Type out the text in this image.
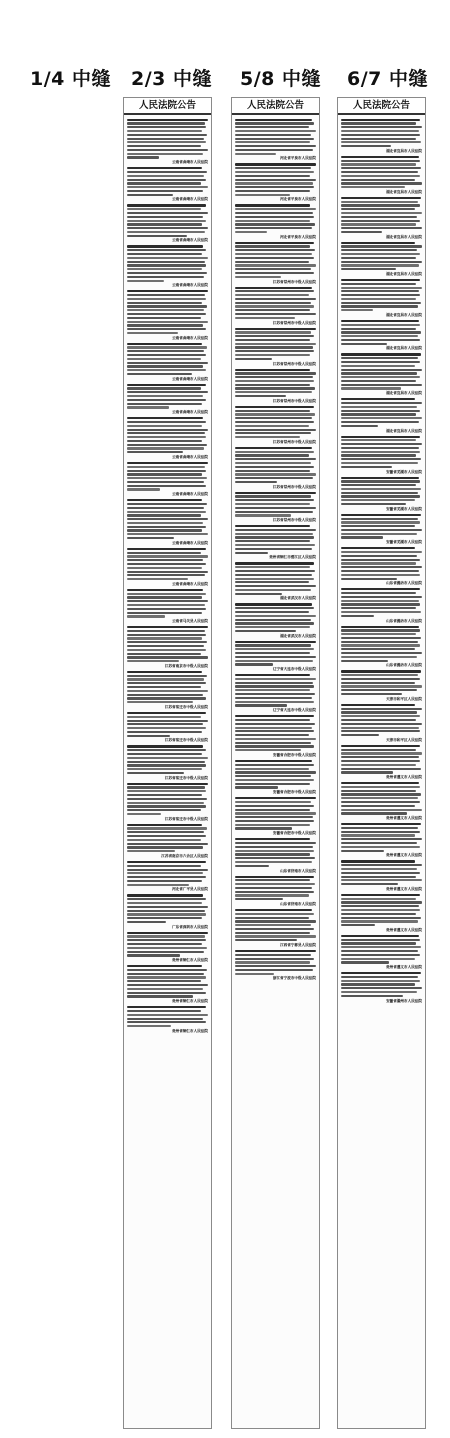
1/4 中缝 2/3 中缝 5/8 中缝 6/7 中缝
人民法院公告
云南省曲靖市人民法院
云南省曲靖市人民法院
云南省曲靖市人民法院
云南省曲靖市人民法院
云南省曲靖市人民法院
云南省曲靖市人民法院
云南省曲靖市人民法院
云南省曲靖市人民法院
云南省曲靖市人民法院
云南省曲靖市人民法院
云南省曲靖市人民法院
云南省马关县人民法院
江苏省南京市中级人民法院
江苏省宿迁市中级人民法院
江苏省宿迁市中级人民法院
江苏省宿迁市中级人民法院
江苏省宿迁市中级人民法院
江苏省南京市六合区人民法院
河北省广平县人民法院
广东省深圳市人民法院
贵州省铜仁市人民法院
贵州省铜仁市人民法院
贵州省铜仁市人民法院
人民法院公告
河北省平泉市人民法院
河北省平泉市人民法院
河北省平泉市人民法院
江苏省常州市中级人民法院
江苏省常州市中级人民法院
江苏省常州市中级人民法院
江苏省常州市中级人民法院
江苏省常州市中级人民法院
江苏省常州市中级人民法院
江苏省常州市中级人民法院
贵州省铜仁市碧江区人民法院
湖北省武汉市人民法院
湖北省武汉市人民法院
辽宁省大连市中级人民法院
辽宁省大连市中级人民法院
安徽省合肥市中级人民法院
安徽省合肥市中级人民法院
安徽省合肥市中级人民法院
山东省济南市人民法院
山东省济南市人民法院
江西省宁都县人民法院
浙江省宁波市中级人民法院
人民法院公告
湖北省宜昌市人民法院
湖北省宜昌市人民法院
湖北省宜昌市人民法院
湖北省宜昌市人民法院
湖北省宜昌市人民法院
湖北省宜昌市人民法院
湖北省宜昌市人民法院
湖北省宜昌市人民法院
安徽省芜湖市人民法院
安徽省芜湖市人民法院
安徽省芜湖市人民法院
山东省潍坊市人民法院
山东省潍坊市人民法院
山东省潍坊市人民法院
天津市和平区人民法院
天津市和平区人民法院
贵州省遵义市人民法院
贵州省遵义市人民法院
贵州省遵义市人民法院
贵州省遵义市人民法院
贵州省遵义市人民法院
贵州省遵义市人民法院
安徽省滁州市人民法院
